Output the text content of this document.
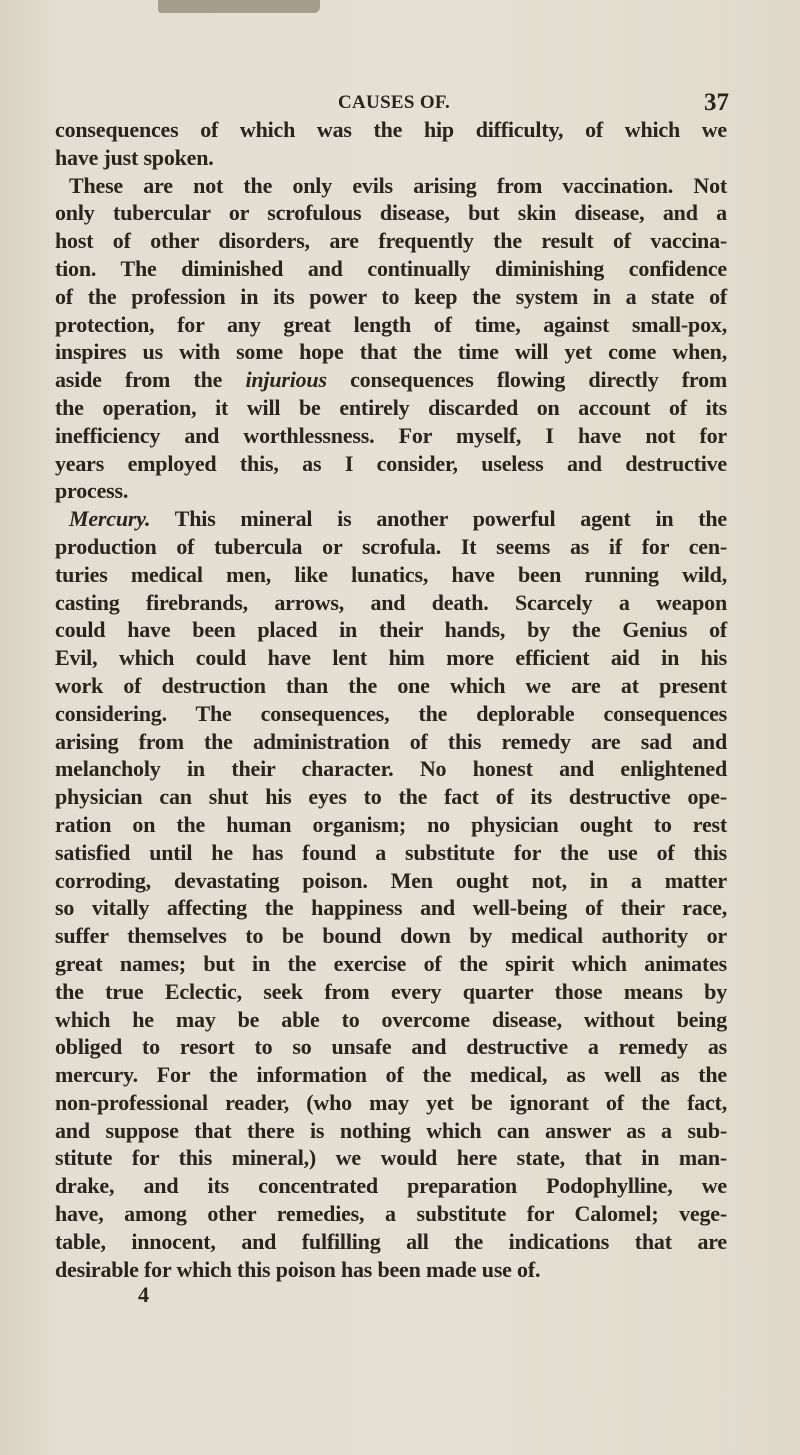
CAUSES OF.	37
consequences of which was the hip difficulty, of which we
have just spoken.
These are not the only evils arising from vaccination. Not
only tubercular or scrofulous disease, but skin disease, and a
host of other disorders, are frequently the result of vaccina-
tion. The diminished and continually diminishing confidence
of the profession in its power to keep the system in a state of
protection, for any great length of time, against small-pox,
inspires us with some hope that the time will yet come when,
aside from the injurious consequences flowing directly from
the operation, it will be entirely discarded on account of its
inefficiency and worthlessness. For myself, I have not for
years employed this, as I consider, useless and destructive
process.
Mercury. This mineral is another powerful agent in the
production of tubercula or scrofula. It seems as if for cen-
turies medical men, like lunatics, have been running wild,
casting firebrands, arrows, and death. Scarcely a weapon
could have been placed in their hands, by the Genius of
Evil, which could have lent him more efficient aid in his
work of destruction than the one which we are at present
considering. The consequences, the deplorable consequences
arising from the administration of this remedy are sad and
melancholy in their character. No honest and enlightened
physician can shut his eyes to the fact of its destructive ope-
ration on the human organism; no physician ought to rest
satisfied until he has found a substitute for the use of this
corroding, devastating poison. Men ought not, in a matter
so vitally affecting the happiness and well-being of their race,
suffer themselves to be bound down by medical authority or
great names; but in the exercise of the spirit which animates
the true Eclectic, seek from every quarter those means by
which he may be able to overcome disease, without being
obliged to resort to so unsafe and destructive a remedy as
mercury. For the information of the medical, as well as the
non-professional reader, (who may yet be ignorant of the fact,
and suppose that there is nothing which can answer as a sub-
stitute for this mineral,) we would here state, that in man-
drake, and its concentrated preparation Podophylline, we
have, among other remedies, a substitute for Calomel; vege-
table, innocent, and fulfilling all the indications that are
desirable for which this poison has been made use of.
4
